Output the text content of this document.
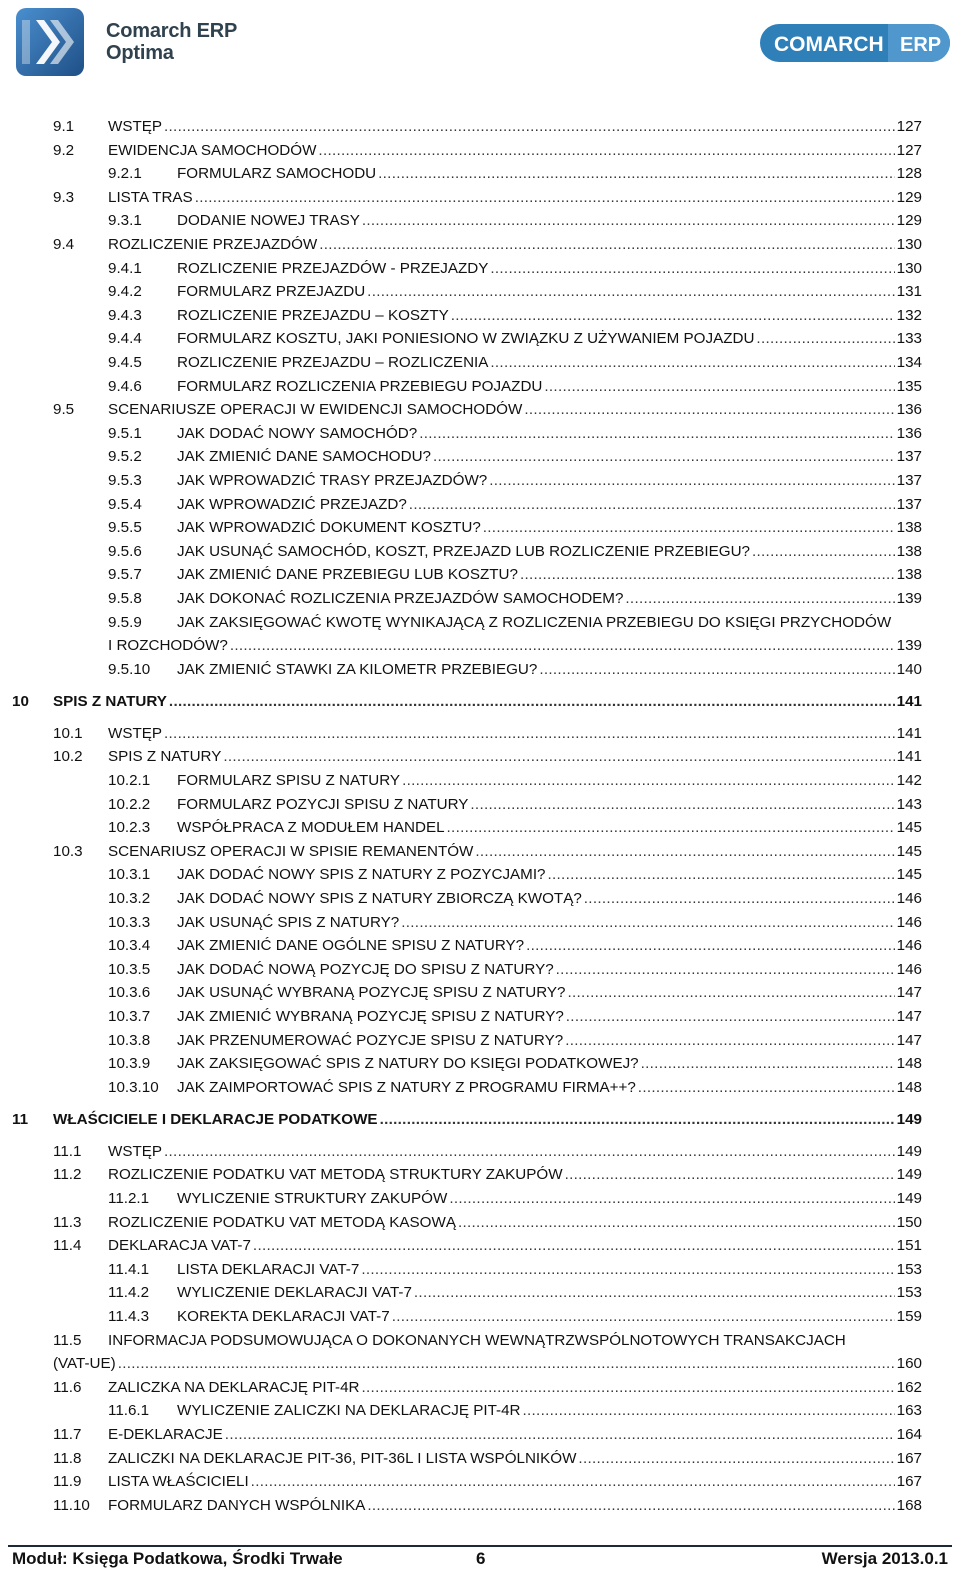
Comarch ERP
Optima	COMARCH ERP
9.1 WSTĘP .....	127
9.2 EWIDENCJA SAMOCHODÓW .....	127
9.2.1 FORMULARZ SAMOCHODU .....	128
9.3 LISTA TRAS .....	129
9.3.1 DODANIE NOWEJ TRASY .....	129
9.4 ROZLICZENIE PRZEJAZDÓW .....	130
9.4.1 ROZLICZENIE PRZEJAZDÓW - PRZEJAZDY .....	130
9.4.2 FORMULARZ PRZEJAZDU .....	131
9.4.3 ROZLICZENIE PRZEJAZDU – KOSZTY .....	132
9.4.4 FORMULARZ KOSZTU, JAKI PONIESIONO W ZWIĄZKU Z UŻYWANIEM POJAZDU .....	133
9.4.5 ROZLICZENIE PRZEJAZDU – ROZLICZENIA .....	134
9.4.6 FORMULARZ ROZLICZENIA PRZEBIEGU POJAZDU .....	135
9.5 SCENARIUSZE OPERACJI W EWIDENCJI SAMOCHODÓW .....	136
9.5.1 JAK DODAĆ NOWY SAMOCHÓD? .....	136
9.5.2 JAK ZMIENIĆ DANE SAMOCHODU? .....	137
9.5.3 JAK WPROWADZIĆ TRASY PRZEJAZDÓW? .....	137
9.5.4 JAK WPROWADZIĆ PRZEJAZD? .....	137
9.5.5 JAK WPROWADZIĆ DOKUMENT KOSZTU? .....	138
9.5.6 JAK USUNĄĆ SAMOCHÓD, KOSZT, PRZEJAZD LUB ROZLICZENIE PRZEBIEGU? .....	138
9.5.7 JAK ZMIENIĆ DANE PRZEBIEGU LUB KOSZTU? .....	138
9.5.8 JAK DOKONAĆ ROZLICZENIA PRZEJAZDÓW SAMOCHODEM? .....	139
9.5.9 JAK ZAKSIĘGOWAĆ KWOTĘ WYNIKAJĄCĄ Z ROZLICZENIA PRZEBIEGU DO KSIĘGI PRZYCHODÓW
I ROZCHODÓW? .....	139
9.5.10 JAK ZMIENIĆ STAWKI ZA KILOMETR PRZEBIEGU? .....	140
10 SPIS Z NATURY .....	141
10.1 WSTĘP .....	141
10.2 SPIS Z NATURY .....	141
10.2.1 FORMULARZ SPISU Z NATURY .....	142
10.2.2 FORMULARZ POZYCJI SPISU Z NATURY .....	143
10.2.3 WSPÓŁPRACA Z MODUŁEM HANDEL .....	145
10.3 SCENARIUSZ OPERACJI W SPISIE REMANENTÓW .....	145
10.3.1 JAK DODAĆ NOWY SPIS Z NATURY Z POZYCJAMI? .....	145
10.3.2 JAK DODAĆ NOWY SPIS Z NATURY ZBIORCZĄ KWOTĄ? .....	146
10.3.3 JAK USUNĄĆ SPIS Z NATURY? .....	146
10.3.4 JAK ZMIENIĆ DANE OGÓLNE SPISU Z NATURY? .....	146
10.3.5 JAK DODAĆ NOWĄ POZYCJĘ DO SPISU Z NATURY? .....	146
10.3.6 JAK USUNĄĆ WYBRANĄ POZYCJĘ SPISU Z NATURY? .....	147
10.3.7 JAK ZMIENIĆ WYBRANĄ POZYCJĘ SPISU Z NATURY? .....	147
10.3.8 JAK PRZENUMEROWAĆ POZYCJE SPISU Z NATURY? .....	147
10.3.9 JAK ZAKSIĘGOWAĆ SPIS Z NATURY DO KSIĘGI PODATKOWEJ? .....	148
10.3.10 JAK ZAIMPORTOWAĆ SPIS Z NATURY Z PROGRAMU FIRMA++? .....	148
11 WŁAŚCICIELE I DEKLARACJE PODATKOWE .....	149
11.1 WSTĘP .....	149
11.2 ROZLICZENIE PODATKU VAT METODĄ STRUKTURY ZAKUPÓW .....	149
11.2.1 WYLICZENIE STRUKTURY ZAKUPÓW .....	149
11.3 ROZLICZENIE PODATKU VAT METODĄ KASOWĄ .....	150
11.4 DEKLARACJA VAT-7 .....	151
11.4.1 LISTA DEKLARACJI VAT-7 .....	153
11.4.2 WYLICZENIE DEKLARACJI VAT-7 .....	153
11.4.3 KOREKTA DEKLARACJI VAT-7 .....	159
11.5 INFORMACJA PODSUMOWUJĄCA O DOKONANYCH WEWNĄTRZWSPÓLNOTOWYCH TRANSAKCJACH
(VAT-UE) .....	160
11.6 ZALICZKA NA DEKLARACJĘ PIT-4R .....	162
11.6.1 WYLICZENIE ZALICZKI NA DEKLARACJĘ PIT-4R .....	163
11.7 E-DEKLARACJE .....	164
11.8 ZALICZKI NA DEKLARACJE PIT-36, PIT-36L I LISTA WSPÓLNIKÓW .....	167
11.9 LISTA WŁAŚCICIELI .....	167
11.10 FORMULARZ DANYCH WSPÓLNIKA .....	168
Moduł: Księga Podatkowa, Środki Trwałe	6	Wersja 2013.0.1
